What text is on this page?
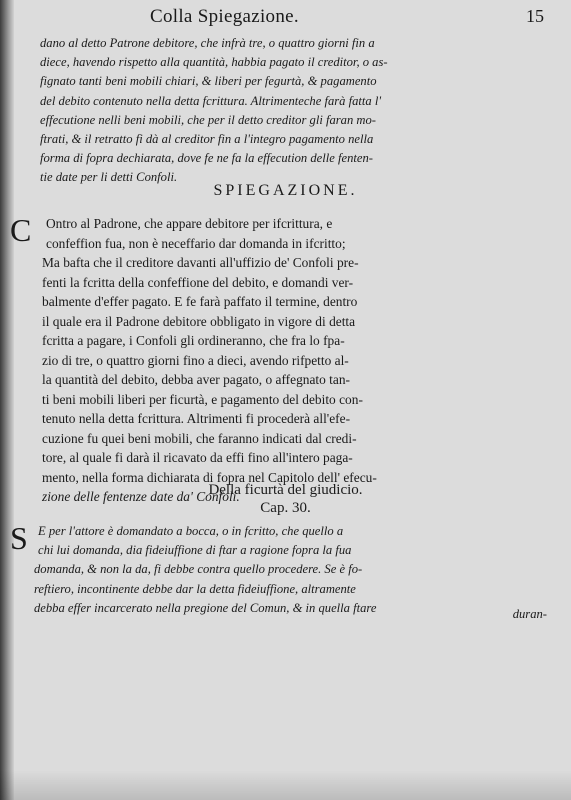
Colla Spiegazione.	15

dano al detto Patrone debitore, che infrà tre, o quattro giorni fin a

diece, havendo rispetto alla quantità, habbia pagato il creditor, o as-

fignato tanti beni mobili chiari, & liberi per fegurtà, & pagamento

del debito contenuto nella detta fcrittura. Altrimenteche farà fatta l'

effecutione nelli beni mobili, che per il detto creditor gli faran mo-

ftrati, & il retratto fi dà al creditor fin a l'integro pagamento nella

forma di fopra dechiarata, dove fe ne fa la effecution delle fenten-

tie date per li detti Confoli.

SPIEGAZIONE.
C Ontro al Padrone, che appare debitore per ifcrittura, e

confeffion fua, non è neceffario dar domanda in ifcritto;

Ma bafta che il creditore davanti all'uffizio de' Confoli pre-

fenti la fcritta della confeffione del debito, e domandi ver-

balmente d'effer pagato. E fe farà paffato il termine, dentro

il quale era il Padrone debitore obbligato in vigore di detta

fcritta a pagare, i Confoli gli ordineranno, che fra lo fpa-

zio di tre, o quattro giorni fino a dieci, avendo rifpetto al-

la quantità del debito, debba aver pagato, o affegnato tan-

ti beni mobili liberi per ficurtà, e pagamento del debito con-

tenuto nella detta fcrittura. Altrimenti fi procederà all'efe-

cuzione fu quei beni mobili, che faranno indicati dal credi-

tore, al quale fi darà il ricavato da effi fino all'intero paga-

mento, nella forma dichiarata di fopra nel Capitolo dell' efecu-

zione delle fentenze date da' Confoli.

Della ficurtà del giudicio.
Cap. 30.
S E per l'attore è domandato a bocca, o in fcritto, che quello a

chi lui domanda, dia fideiuffione di ftar a ragione fopra la fua

domanda, & non la da, fi debbe contra quello procedere. Se è fo-

reftiero, incontinente debbe dar la detta fideiuffione, altramente

debba effer incarcerato nella pregione del Comun, & in quella ftare	duran-
